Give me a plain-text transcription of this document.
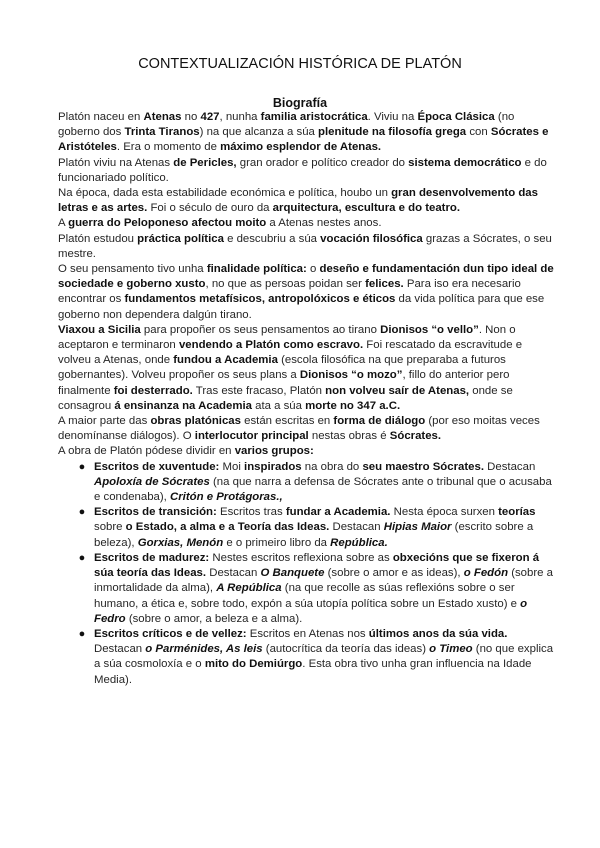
CONTEXTUALIZACIÓN HISTÓRICA DE PLATÓN
Biografía

Platón naceu en Atenas no 427, nunha familia aristocrática. Viviu na Época Clásica (no goberno dos Trinta Tiranos) na que alcanza a súa plenitude na filosofía grega con Sócrates e Aristóteles. Era o momento de máximo esplendor de Atenas.

Platón viviu na Atenas de Pericles, gran orador e político creador do sistema democrático e do funcionariado político.

Na época, dada esta estabilidade económica e política, houbo un gran desenvolvemento das letras e as artes. Foi o século de ouro da arquitectura, escultura e do teatro.

A guerra do Peloponeso afectou moito a Atenas nestes anos.

Platón estudou práctica política e descubriu a súa vocación filosófica grazas a Sócrates, o seu mestre.

O seu pensamento tivo unha finalidade política: o deseño e fundamentación dun tipo ideal de sociedade e goberno xusto, no que as persoas poidan ser felices. Para iso era necesario encontrar os fundamentos metafísicos, antropolóxicos e éticos da vida política para que ese goberno non dependera dalgún tirano.

Viaxou a Sicilia para propoñer os seus pensamentos ao tirano Dionisos “o vello”. Non o aceptaron e terminaron vendendo a Platón como escravo. Foi rescatado da escravitude e volveu a Atenas, onde fundou a Academia (escola filosófica na que preparaba a futuros gobernantes). Volveu propoñer os seus plans a Dionisos “o mozo”, fillo do anterior pero finalmente foi desterrado. Tras este fracaso, Platón non volveu saír de Atenas, onde se consagrou á ensinanza na Academia ata a súa morte no 347 a.C.

A maior parte das obras platónicas están escritas en forma de diálogo (por eso moitas veces denomínanse diálogos). O interlocutor principal nestas obras é Sócrates.

A obra de Platón pódese dividir en varios grupos:

● Escritos de xuventude: Moi inspirados na obra do seu maestro Sócrates. Destacan Apoloxía de Sócrates (na que narra a defensa de Sócrates ante o tribunal que o acusaba e condenaba), Critón e Protágoras.,
● Escritos de transición: Escritos tras fundar a Academia. Nesta época surxen teorías sobre o Estado, a alma e a Teoría das Ideas. Destacan Hipias Maior (escrito sobre a beleza), Gorxias, Menón e o primeiro libro da República.
● Escritos de madurez: Nestes escritos reflexiona sobre as obxecións que se fixeron á súa teoría das Ideas. Destacan O Banquete (sobre o amor e as ideas), o Fedón (sobre a inmortalidade da alma), A República (na que recolle as súas reflexións sobre o ser humano, a ética e, sobre todo, expón a súa utopía política sobre un Estado xusto) e o Fedro (sobre o amor, a beleza e a alma).
● Escritos críticos e de vellez: Escritos en Atenas nos últimos anos da súa vida. Destacan o Parménides, As leis (autocrítica da teoría das ideas) o Timeo (no que explica a súa cosmoloxía e o mito do Demiúrgo. Esta obra tivo unha gran influencia na Idade Media).
